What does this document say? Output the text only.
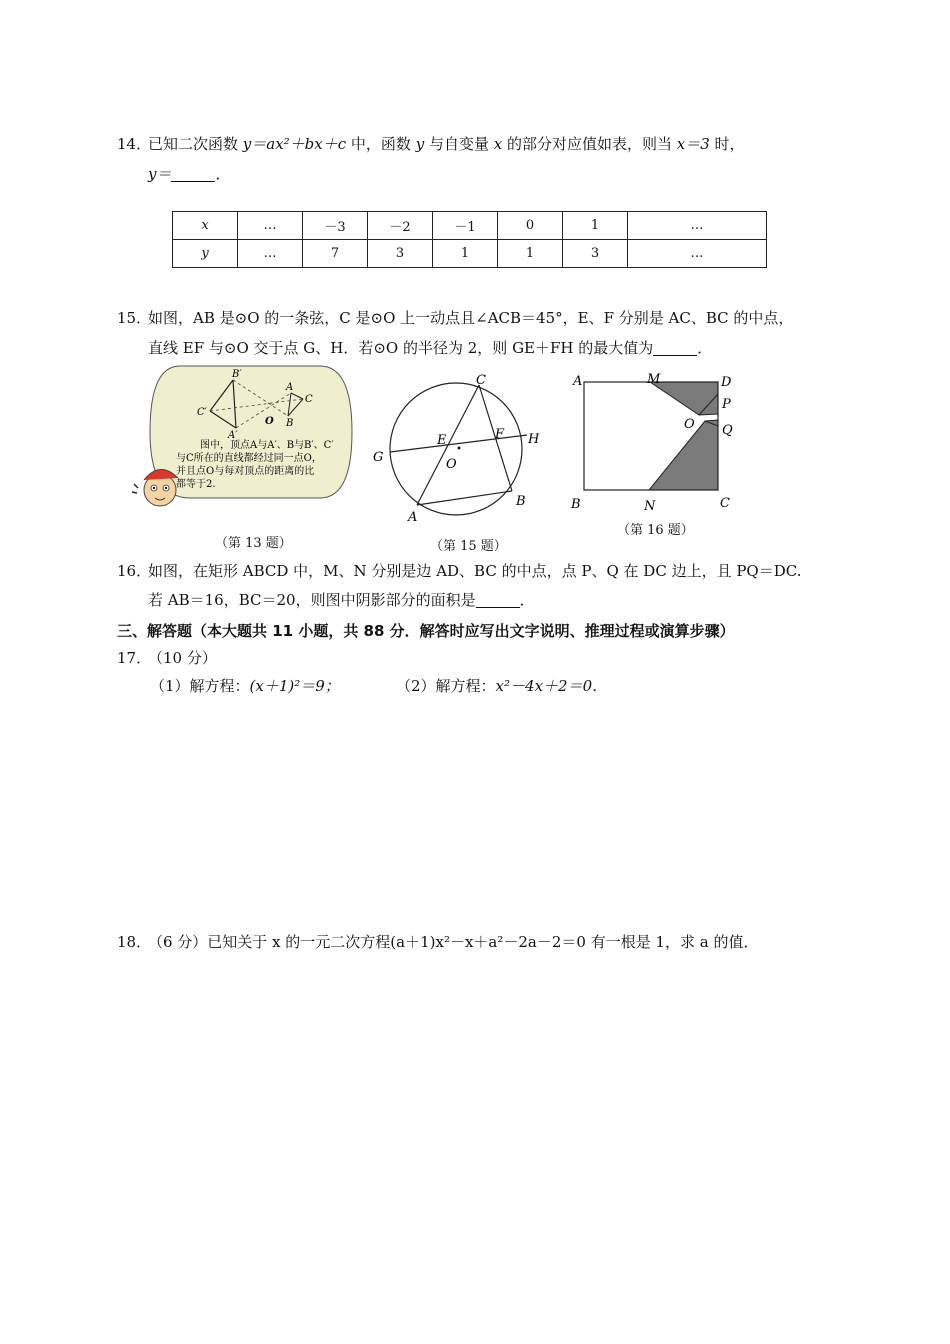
14．
已知二次函数 y＝ax²＋bx＋c 中，函数 y 与自变量 x 的部分对应值如表，则当 x＝3 时，
y＝	．
x	…	－3	－2	－1	0	1	…
y	…	7	3	1	1	3	…
15．
如图，AB 是⊙O 的一条弦，C 是⊙O 上一动点且∠ACB＝45°，E、F 分别是 AC、BC 的中点，
直线 EF 与⊙O 交于点 G、H．若⊙O 的半径为 2，则 GE＋FH 的最大值为	．
B′
A
C′
C
O B
A′
图中，顶点A与A′、B与B′、C′
与C所在的直线都经过同一点O，
并且点O与每对顶点的距离的比
都等于2.
（第 13 题）
C
E	F H
G	O
B
A
（第 15 题）
A	M	D
P
O Q
B	N	C
（第 16 题）
16．
如图，在矩形 ABCD 中，M、N 分别是边 AD、BC 的中点，点 P、Q 在 DC 边上，且 PQ＝DC.
若 AB＝16，BC＝20，则图中阴影部分的面积是	．
三、解答题（本大题共 11 小题，共 88 分．解答时应写出文字说明、推理过程或演算步骤）
17．
（10 分）
（1）解方程：(x＋1)²＝9；	（2）解方程：x²－4x＋2＝0．
18．
（6 分）已知关于 x 的一元二次方程(a＋1)x²－x＋a²－2a－2＝0 有一根是 1，求 a 的值．
